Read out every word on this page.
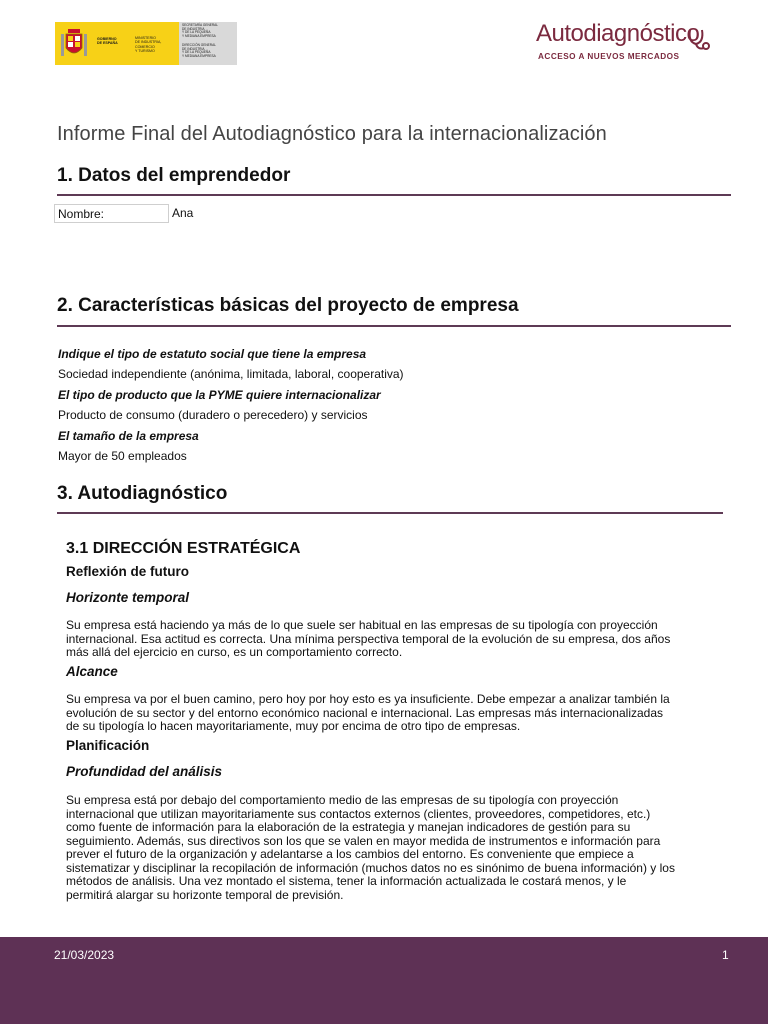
GOBIERNO
DE ESPAÑA
MINISTERIO
DE INDUSTRIA, COMERCIO
Y TURISMO
SECRETARÍA GENERAL
DE INDUSTRIA
Y DE LA PEQUEÑA
Y MEDIANA EMPRESA
DIRECCIÓN GENERAL
DE INDUSTRIA
Y DE LA PEQUEÑA
Y MEDIANA EMPRESA
Autodiagnóstico
ACCESO A NUEVOS MERCADOS
Informe Final del Autodiagnóstico para la internacionalización
1. Datos del emprendedor
Nombre:	Ana
2. Características básicas del proyecto de empresa
Indique el tipo de estatuto social que tiene la empresa
Sociedad independiente (anónima, limitada, laboral, cooperativa)
El tipo de producto que la PYME quiere internacionalizar
Producto de consumo (duradero o perecedero) y servicios
El tamaño de la empresa
Mayor de 50 empleados
3. Autodiagnóstico
3.1 DIRECCIÓN ESTRATÉGICA
Reflexión de futuro
Horizonte temporal
Su empresa está haciendo ya más de lo que suele ser habitual en las empresas de su tipología con proyección internacional. Esa actitud es correcta. Una mínima perspectiva temporal de la evolución de su empresa, dos años más allá del ejercicio en curso, es un comportamiento correcto.
Alcance
Su empresa va por el buen camino, pero hoy por hoy esto es ya insuficiente. Debe empezar a analizar también la evolución de su sector y del entorno económico nacional e internacional. Las empresas más internacionalizadas de su tipología lo hacen mayoritariamente, muy por encima de otro tipo de empresas.
Planificación
Profundidad del análisis
Su empresa está por debajo del comportamiento medio de las empresas de su tipología con proyección internacional que utilizan mayoritariamente sus contactos externos (clientes, proveedores, competidores, etc.) como fuente de información para la elaboración de la estrategia y manejan indicadores de gestión para su seguimiento. Además, sus directivos son los que se valen en mayor medida de instrumentos e información para prever el futuro de la organización y adelantarse a los cambios del entorno. Es conveniente que empiece a sistematizar y disciplinar la recopilación de información (muchos datos no es sinónimo de buena información) y los métodos de análisis. Una vez montado el sistema, tener la información actualizada le costará menos, y le permitirá alargar su horizonte temporal de previsión.
21/03/2023	1
